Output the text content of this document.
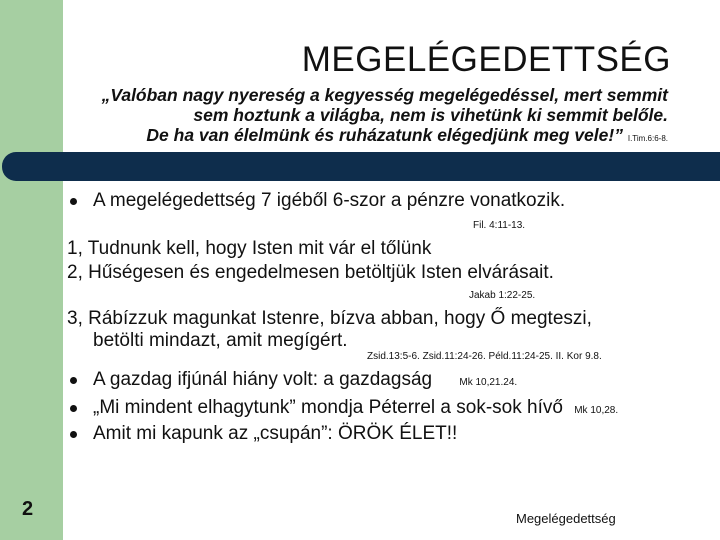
MEGELÉGEDETTSÉG
„Valóban nagy nyereség a kegyesség megelégedéssel, mert semmit
sem hoztunk a világba, nem is vihetünk ki semmit belőle.
De ha van élelmünk és ruházatunk elégedjünk meg vele!” I.Tim.6:6-8.
A megelégedettség 7 igéből 6-szor a pénzre vonatkozik.
Fil. 4:11-13.
1, Tudnunk kell, hogy Isten mit vár el tőlünk
2, Hűségesen és engedelmesen betöltjük Isten elvárásait.
Jakab 1:22-25.
3, Rábízzuk magunkat Istenre, bízva abban, hogy Ő megteszi,
betölti mindazt, amit megígért.
Zsid.13:5-6. Zsid.11:24-26. Péld.11:24-25. II. Kor 9.8.
A gazdag ifjúnál hiány volt: a gazdagság	Mk 10,21.24.
„Mi mindent elhagytunk” mondja Péterrel a sok-sok hívő Mk 10,28.
Amit mi kapunk az „csupán”: ÖRÖK ÉLET!!
2	Megelégedettség
